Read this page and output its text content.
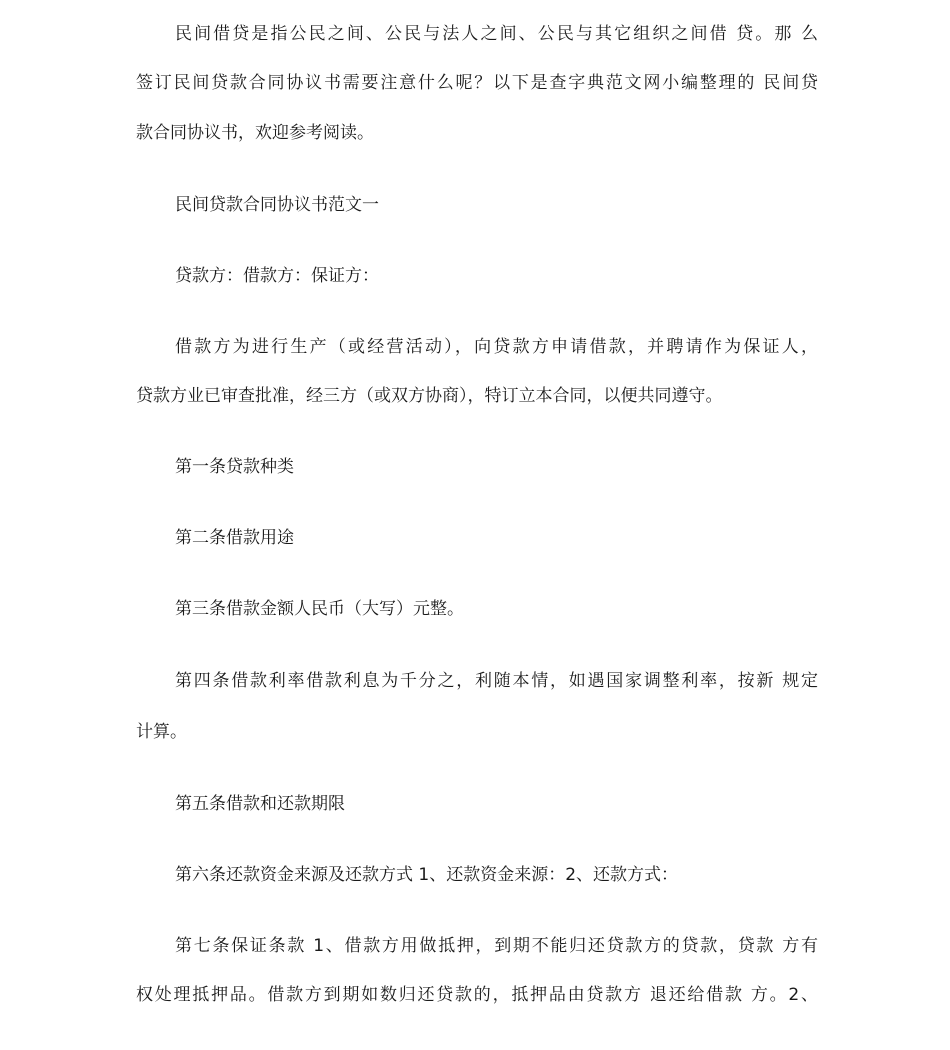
民间借贷是指公民之间、公民与法人之间、公民与其它组织之间借 贷。那 么
签订民间贷款合同协议书需要注意什么呢？以下是查字典范文网小编整理的 民间贷
款合同协议书，欢迎参考阅读。
民间贷款合同协议书范文一
贷款方：借款方：保证方：
借款方为进行生产（或经营活动），向贷款方申请借款，并聘请作为保证人，
贷款方业已审查批准，经三方（或双方协商），特订立本合同，以便共同遵守。
第一条贷款种类
第二条借款用途
第三条借款金额人民币（大写）元整。
第四条借款利率借款利息为千分之，利随本情，如遇国家调整利率，按新 规定
计算。
第五条借款和还款期限
第六条还款资金来源及还款方式 1、还款资金来源：2、还款方式：
第七条保证条款 1、借款方用做抵押，到期不能归还贷款方的贷款，贷款 方有
权处理抵押品。借款方到期如数归还贷款的，抵押品由贷款方 退还给借款 方。2、
